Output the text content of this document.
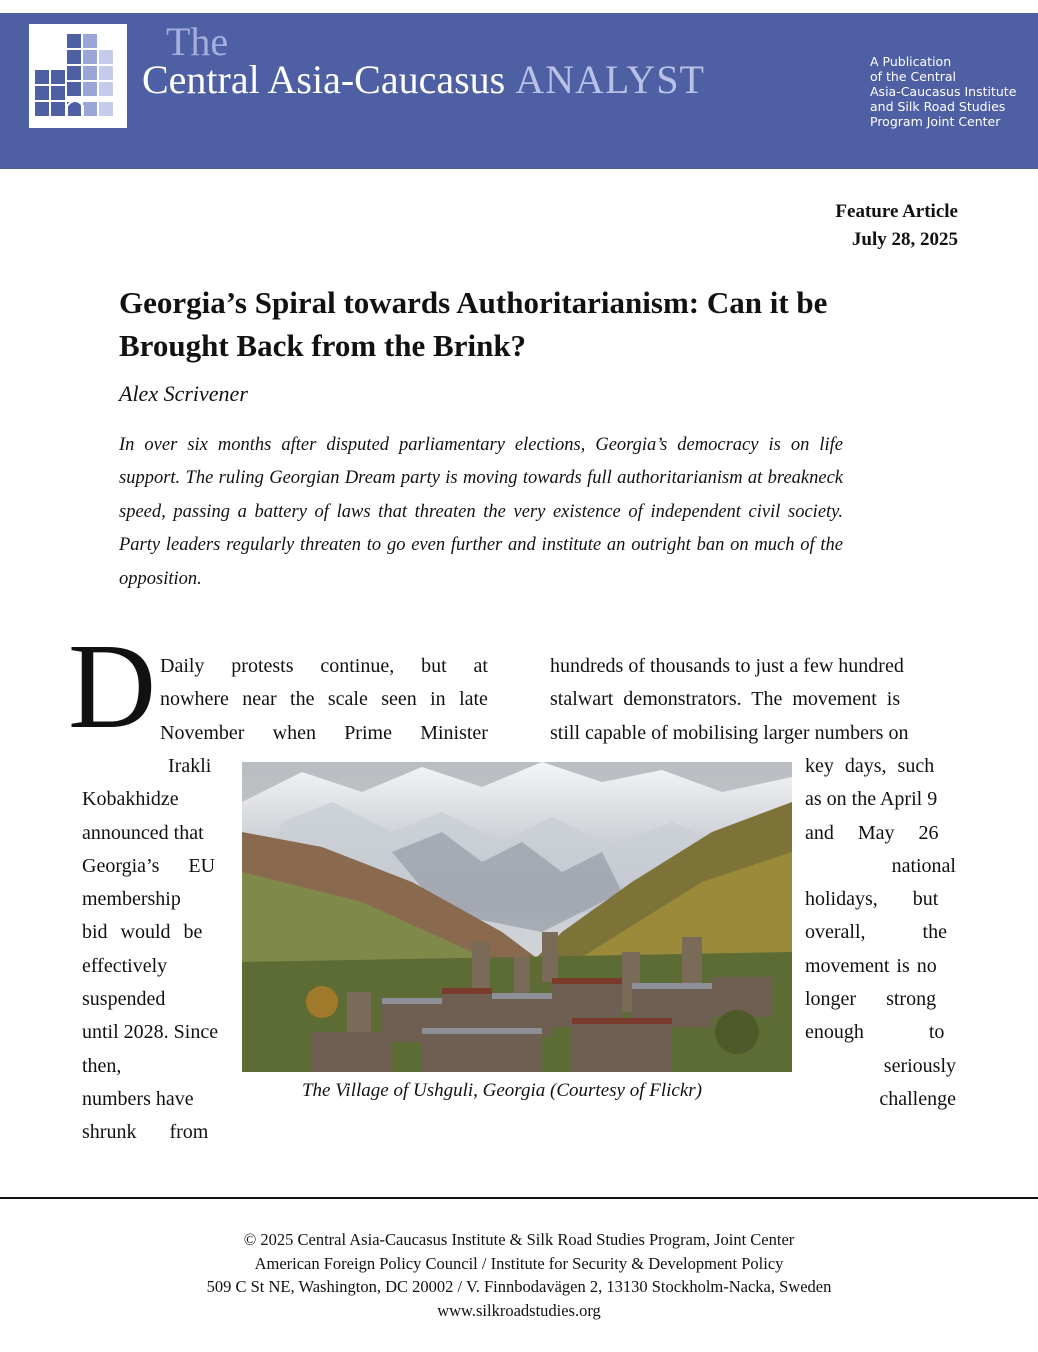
The
Central Asia-Caucasus ANALYST	A Publication
of the Central
Asia-Caucasus Institute
and Silk Road Studies
Program Joint Center
Feature Article
July 28, 2025
Georgia’s Spiral towards Authoritarianism: Can it be
Brought Back from the Brink?
Alex Scrivener
In over six months after disputed parliamentary elections, Georgia’s democracy is on life support. The ruling Georgian Dream party is moving towards full authoritarianism at breakneck speed, passing a battery of laws that threaten the very existence of independent civil society. Party leaders regularly threaten to go even further and institute an outright ban on much of the opposition.
D Daily protests continue, but at
nowhere near the scale seen in late
November when Prime Minister
Irakli
Kobakhidze
announced that
Georgia’s EU
membership
bid would be
effectively
suspended
until 2028. Since
then,
numbers have
shrunk from
hundreds of thousands to just a few hundred
stalwart demonstrators. The movement is
still capable of mobilising larger numbers on
key days, such
as on the April 9
and May 26
national
holidays, but
overall, the
movement is no
longer strong
enough to
seriously
challenge
The Village of Ushguli, Georgia (Courtesy of Flickr)
© 2025 Central Asia-Caucasus Institute & Silk Road Studies Program, Joint Center
American Foreign Policy Council / Institute for Security & Development Policy
509 C St NE, Washington, DC 20002 / V. Finnbodavägen 2, 13130 Stockholm-Nacka, Sweden
www.silkroadstudies.org
